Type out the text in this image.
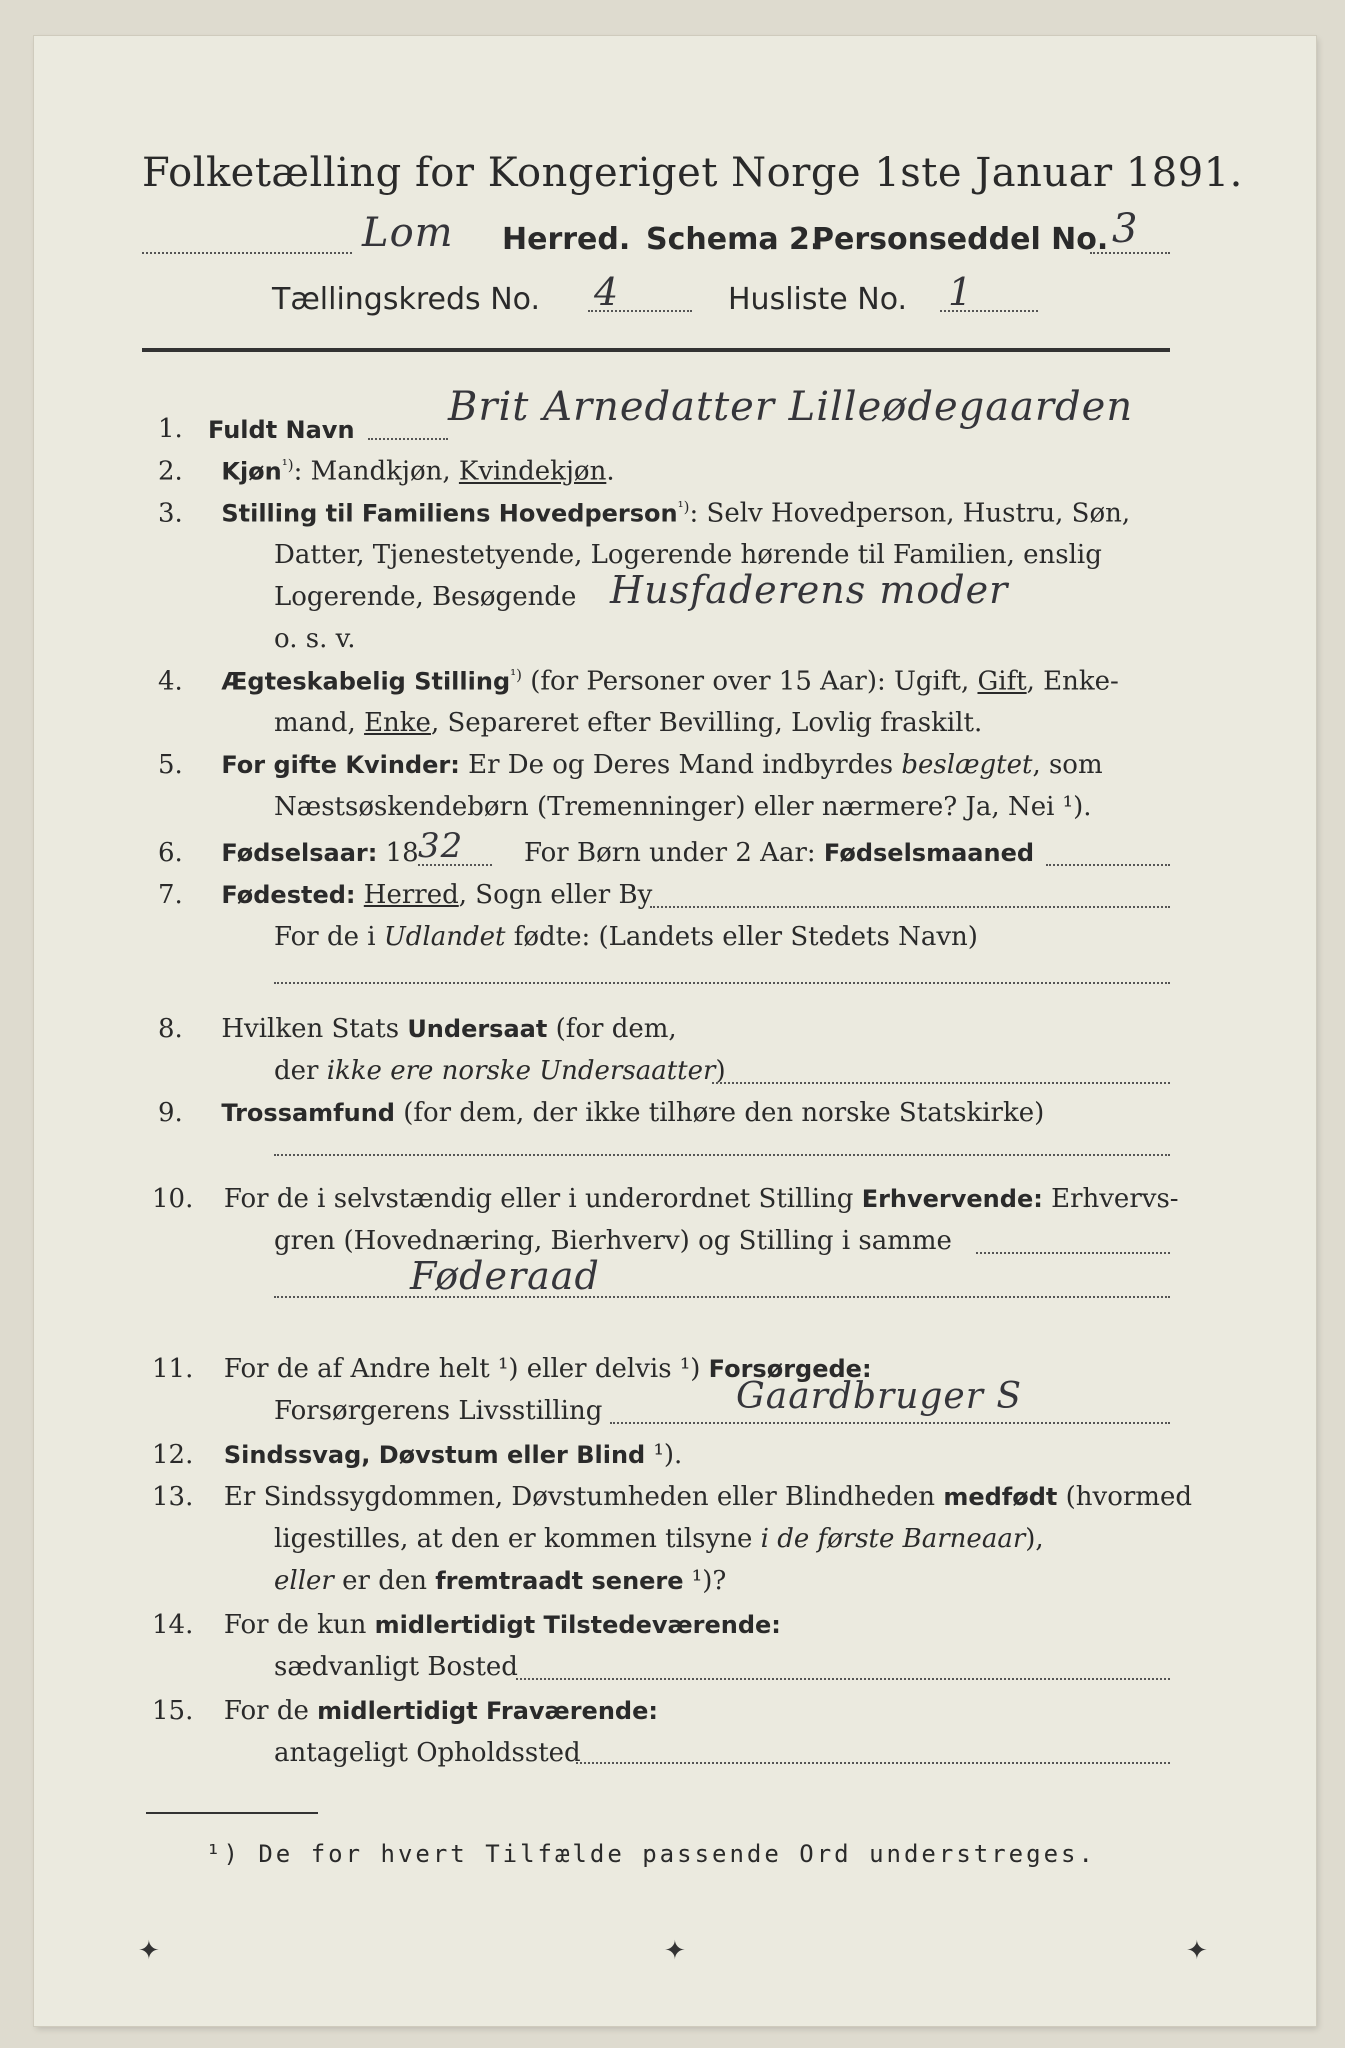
Folketælling for Kongeriget Norge 1ste Januar 1891.
Lom Herred. Schema 2.
Personseddel No. 3
Tællingskreds No. 4	Husliste No. 1
1. Fuldt Navn Brit Arnedatter Lilleødegaarden
2. Kjøn$^{^1)}$: Mandkjøn, Kvindekjøn.
3. Stilling til Familiens Hovedperson$^{^1)}$: Selv Hovedperson, Hustru, Søn,
Datter, Tjenestetyende, Logerende hørende til Familien, enslig
Logerende, Besøgende Husfaderens moder
o. s. v.
4. Ægteskabelig Stilling$^{^1)}$ (for Personer over 15 Aar): Ugift, Gift, Enke-
mand, Enke, Separeret efter Bevilling, Lovlig fraskilt.
5. For gifte Kvinder: Er De og Deres Mand indbyrdes beslægtet, som
Næstsøskendebørn (Tremenninger) eller nærmere? Ja, Nei ¹).
6. Fødselsaar: 18 32 For Børn under 2 Aar: Fødselsmaaned
7. Fødested: Herred, Sogn eller By
For de i Udlandet fødte: (Landets eller Stedets Navn)
8. Hvilken Stats Undersaat (for dem,
der ikke ere norske Undersaatter)
9. Trossamfund (for dem, der ikke tilhøre den norske Statskirke)
10. For de i selvstændig eller i underordnet Stilling Erhvervende: Erhvervs-
gren (Hovednæring, Bierhverv) og Stilling i samme
Føderaad
11. For de af Andre helt ¹) eller delvis ¹) Forsørgede:
Forsørgerens Livsstilling	Gaardbruger S
12. Sindssvag, Døvstum eller Blind ¹).
13. Er Sindssygdommen, Døvstumheden eller Blindheden medfødt (hvormed
ligestilles, at den er kommen tilsyne i de første Barneaar),
eller er den fremtraadt senere ¹)?
14. For de kun midlertidigt Tilstedeværende:
sædvanligt Bosted
15. For de midlertidigt Fraværende:
antageligt Opholdssted
¹) De for hvert Tilfælde passende Ord understreges.
✦	✦	✦
